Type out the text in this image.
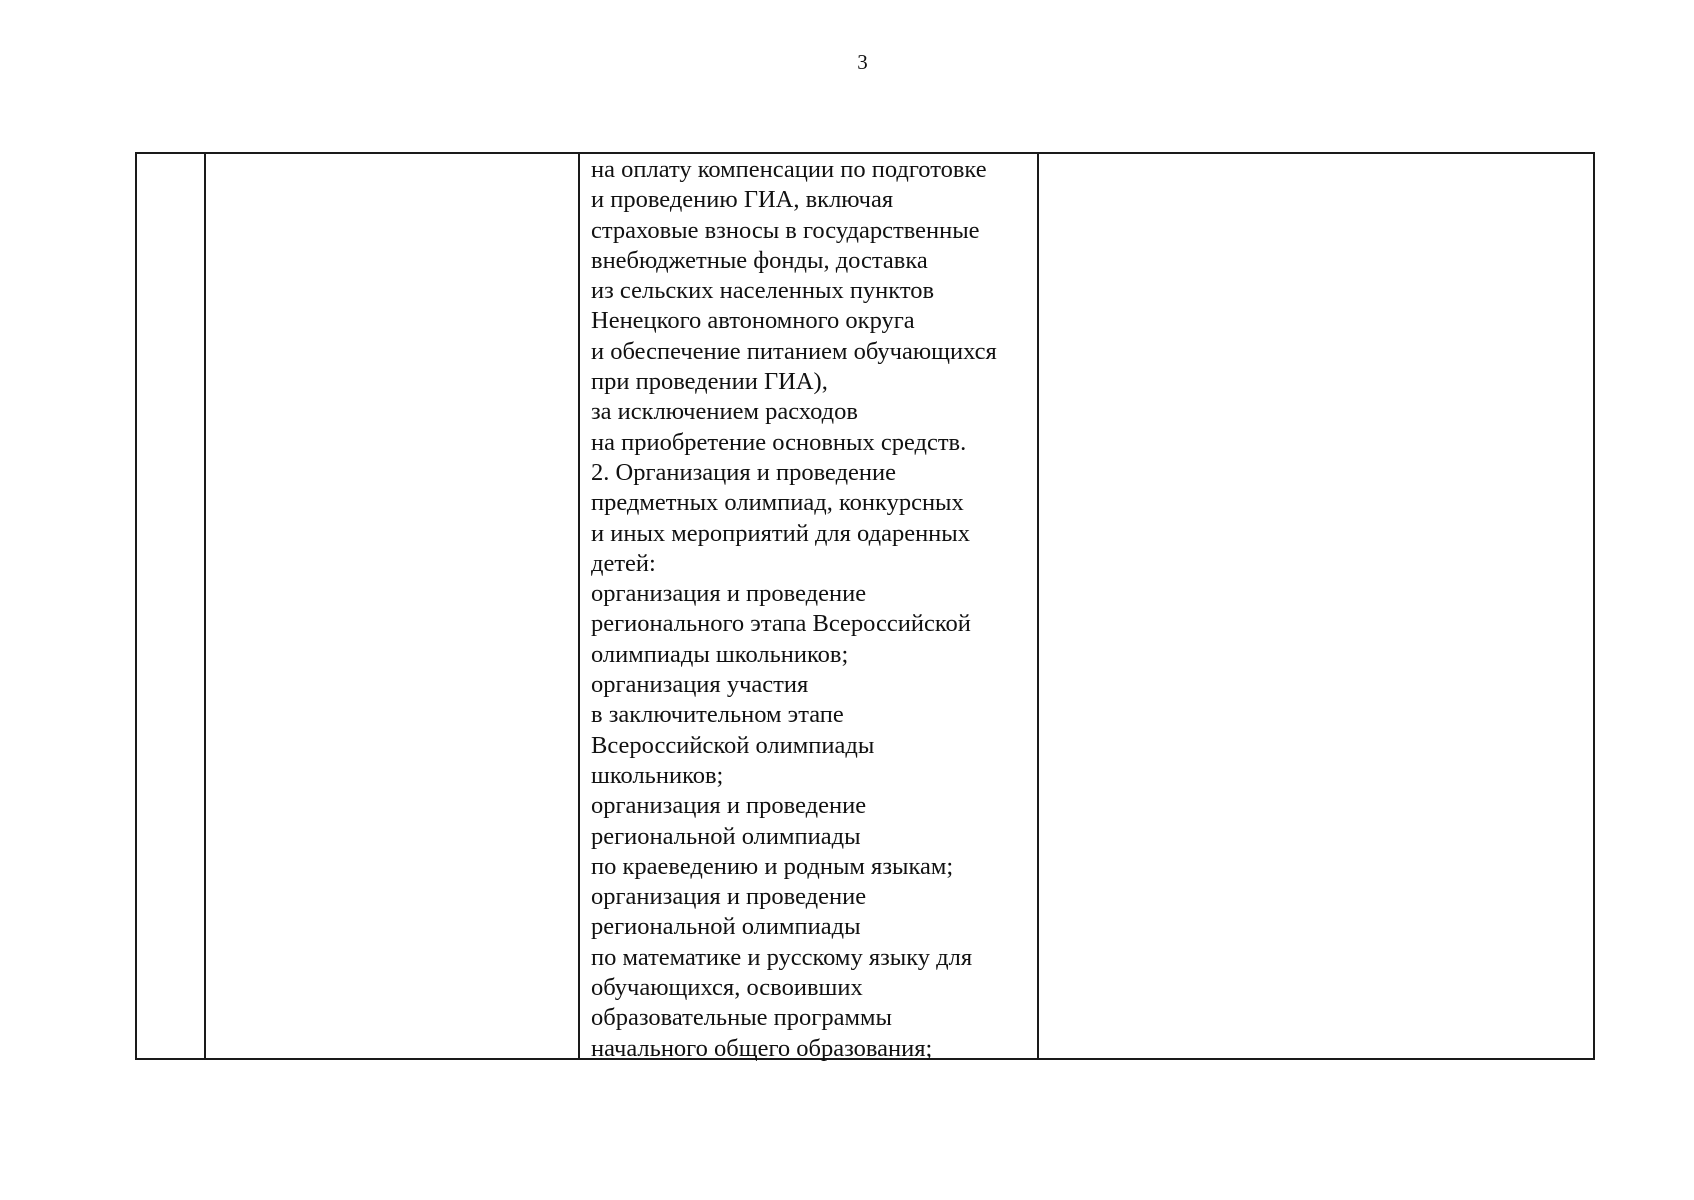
3
на оплату компенсации по подготовке
и проведению ГИА, включая
страховые взносы в государственные
внебюджетные фонды, доставка
из сельских населенных пунктов
Ненецкого автономного округа
и обеспечение питанием обучающихся
при проведении ГИА),
за исключением расходов
на приобретение основных средств.
2. Организация и проведение
предметных олимпиад, конкурсных
и иных мероприятий для одаренных
детей:
организация и проведение
регионального этапа Всероссийской
олимпиады школьников;
организация участия
в заключительном этапе
Всероссийской олимпиады
школьников;
организация и проведение
региональной олимпиады
по краеведению и родным языкам;
организация и проведение
региональной олимпиады
по математике и русскому языку для
обучающихся, освоивших
образовательные программы
начального общего образования;
